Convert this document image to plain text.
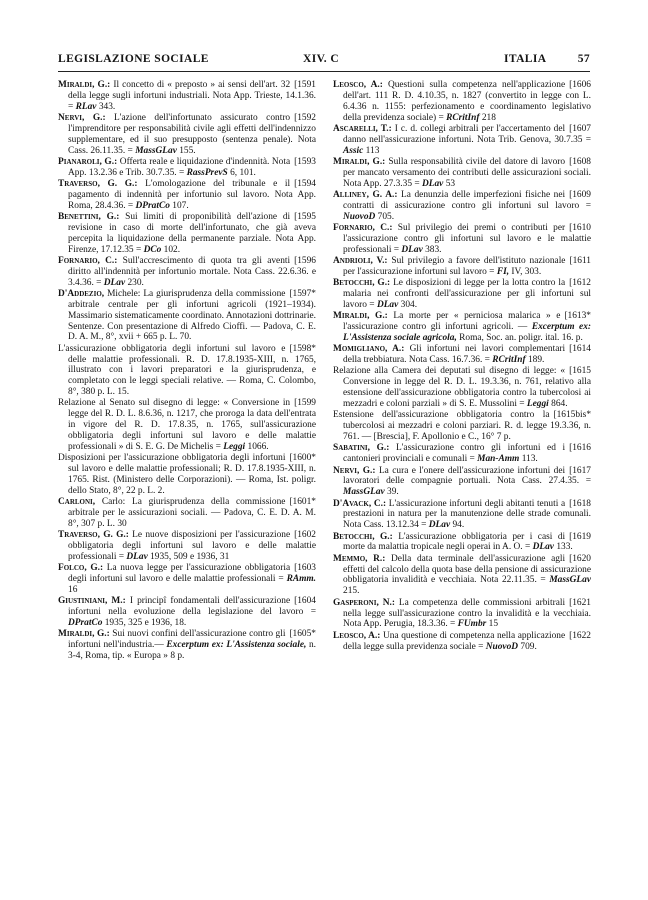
LEGISLAZIONE SOCIALE	XIV. C	ITALIA	57

[1591
Miraldi, G.: Il concetto di « preposto » ai sensi dell'art. 32 della legge sugli infortuni industriali. Nota App. Trieste, 14.1.36. = RLav 343.

[1592
Nervi, G.: L'azione dell'infortunato assicurato contro l'imprenditore per responsabilità civile agli effetti dell'indennizzo supplementare, ed il suo presupposto (sentenza penale). Nota Cass. 26.11.35. = MassGLav 155.

[1593
Pianaroli, G.: Offerta reale e liquidazione d'indennità. Nota App. 13.2.36 e Trib. 30.7.35. = RassPrevS 6, 101.

[1594
Traverso, G. G.: L'omologazione del tribunale e il pagamento di indennità per infortunio sul lavoro. Nota App. Roma, 28.4.36. = DPratCo 107.

[1595
Benettini, G.: Sui limiti di proponibilità dell'azione di revisione in caso di morte dell'infortunato, che già aveva percepita la liquidazione della permanente parziale. Nota App. Firenze, 17.12.35 = DCo 102.

[1596
Fornario, C.: Sull'accrescimento di quota tra gli aventi diritto all'indennità per infortunio mortale. Nota Cass. 22.6.36. e 3.4.36. = DLav 230.

[1597*
D'Addezio, Michele: La giurisprudenza della commissione arbitrale centrale per gli infortuni agricoli (1921–1934). Massimario sistematicamente coordinato. Annotazioni dottrinarie. Sentenze. Con presentazione di Alfredo Cioffi. — Padova, C. E. D. A. M., 8°, xvii + 665 p. L. 70.

[1598*
L'assicurazione obbligatoria degli infortuni sul lavoro e delle malattie professionali. R. D. 17.8.1935-XIII, n. 1765, illustrato con i lavori preparatori e la giurisprudenza, e completato con le leggi speciali relative. — Roma, C. Colombo, 8°, 380 p. L. 15.

[1599
Relazione al Senato sul disegno di legge: « Conversione in legge del R. D. L. 8.6.36, n. 1217, che proroga la data dell'entrata in vigore del R. D. 17.8.35, n. 1765, sull'assicurazione obbligatoria degli infortuni sul lavoro e delle malattie professionali » di S. E. G. De Michelis = Leggi 1066.

[1600*
Disposizioni per l'assicurazione obbligatoria degli infortuni sul lavoro e delle malattie professionali; R. D. 17.8.1935-XIII, n. 1765. Rist. (Ministero delle Corporazioni). — Roma, Ist. poligr. dello Stato, 8°, 22 p. L. 2.

[1601*
Carloni, Carlo: La giurisprudenza della commissione arbitrale per le assicurazioni sociali. — Padova, C. E. D. A. M. 8°, 307 p. L. 30

[1602
Traverso, G. G.: Le nuove disposizioni per l'assicurazione obbligatoria degli infortuni sul lavoro e delle malattie professionali = DLav 1935, 509 e 1936, 31

[1603
Folco, G.: La nuova legge per l'assicurazione obbligatoria degli infortuni sul lavoro e delle malattie professionali = RAmm. 16

[1604
Giustiniani, M.: I principî fondamentali dell'assicurazione infortuni nella evoluzione della legislazione del lavoro = DPratCo 1935, 325 e 1936, 18.

[1605*
Miraldi, G.: Sui nuovi confini dell'assicurazione contro gli infortuni nell'industria.— Excerptum ex: L'Assistenza sociale, n. 3-4, Roma, tip. « Europa » 8 p.

[1606
Leosco, A.: Questioni sulla competenza nell'applicazione dell'art. 111 R. D. 4.10.35, n. 1827 (convertito in legge con L. 6.4.36 n. 1155: perfezionamento e coordinamento legislativo della previdenza sociale) = RCritInf 218

[1607
Ascarelli, T.: I c. d. collegi arbitrali per l'accertamento del danno nell'assicurazione infortuni. Nota Trib. Genova, 30.7.35 = Assic 113

[1608
Miraldi, G.: Sulla responsabilità civile del datore di lavoro per mancato versamento dei contributi delle assicurazioni sociali. Nota App. 27.3.35 = DLav 53

[1609
Alliney, G. A.: La denunzia delle imperfezioni fisiche nei contratti di assicurazione contro gli infortuni sul lavoro = NuovoD 705.

[1610
Fornario, C.: Sul privilegio dei premi o contributi per l'assicurazione contro gli infortuni sul lavoro e le malattie professionali = DLav 383.

[1611
Andrioli, V.: Sul privilegio a favore dell'istituto nazionale per l'assicurazione infortuni sul lavoro = FI, IV, 303.

[1612
Betocchi, G.: Le disposizioni di legge per la lotta contro la malaria nei confronti dell'assicurazione per gli infortuni sul lavoro = DLav 304.

[1613*
Miraldi, G.: La morte per « perniciosa malarica » e l'assicurazione contro gli infortuni agricoli. — Excerptum ex: L'Assistenza sociale agricola, Roma, Soc. an. poligr. ital. 16. p.

[1614
Momigliano, A.: Gli infortuni nei lavori complementari della trebbiatura. Nota Cass. 16.7.36. = RCritInf 189.

[1615
Relazione alla Camera dei deputati sul disegno di legge: « Conversione in legge del R. D. L. 19.3.36, n. 761, relativo alla estensione dell'assicurazione obbligatoria contro la tubercolosi ai mezzadri e coloni parziali » di S. E. Mussolini = Leggi 864.

[1615bis*
Estensione dell'assicurazione obbligatoria contro la tubercolosi ai mezzadri e coloni parziari. R. d. legge 19.3.36, n. 761. — [Brescia], F. Apollonio e C., 16° 7 p.

[1616
Sabatini, G.: L'assicurazione contro gli infortuni ed i cantonieri provinciali e comunali = Man-Amm 113.

[1617
Nervi, G.: La cura e l'onere dell'assicurazione infortuni dei lavoratori delle compagnie portuali. Nota Cass. 27.4.35. = MassGLav 39.

[1618
D'Avack, C.: L'assicurazione infortuni degli abitanti tenuti a prestazioni in natura per la manutenzione delle strade comunali. Nota Cass. 13.12.34 = DLav 94.

[1619
Betocchi, G.: L'assicurazione obbligatoria per i casi di morte da malattia tropicale negli operai in A. O. = DLav 133.

[1620
Memmo, R.: Della data terminale dell'assicurazione agli effetti del calcolo della quota base della pensione di assicurazione obbligatoria invalidità e vecchiaia. Nota 22.11.35. = MassGLav 215.

[1621
Gasperoni, N.: La competenza delle commissioni arbitrali nella legge sull'assicurazione contro la invalidità e la vecchiaia. Nota App. Perugia, 18.3.36. = FUmbr 15

[1622
Leosco, A.: Una questione di competenza nella applicazione della legge sulla previdenza sociale = NuovoD 709.
